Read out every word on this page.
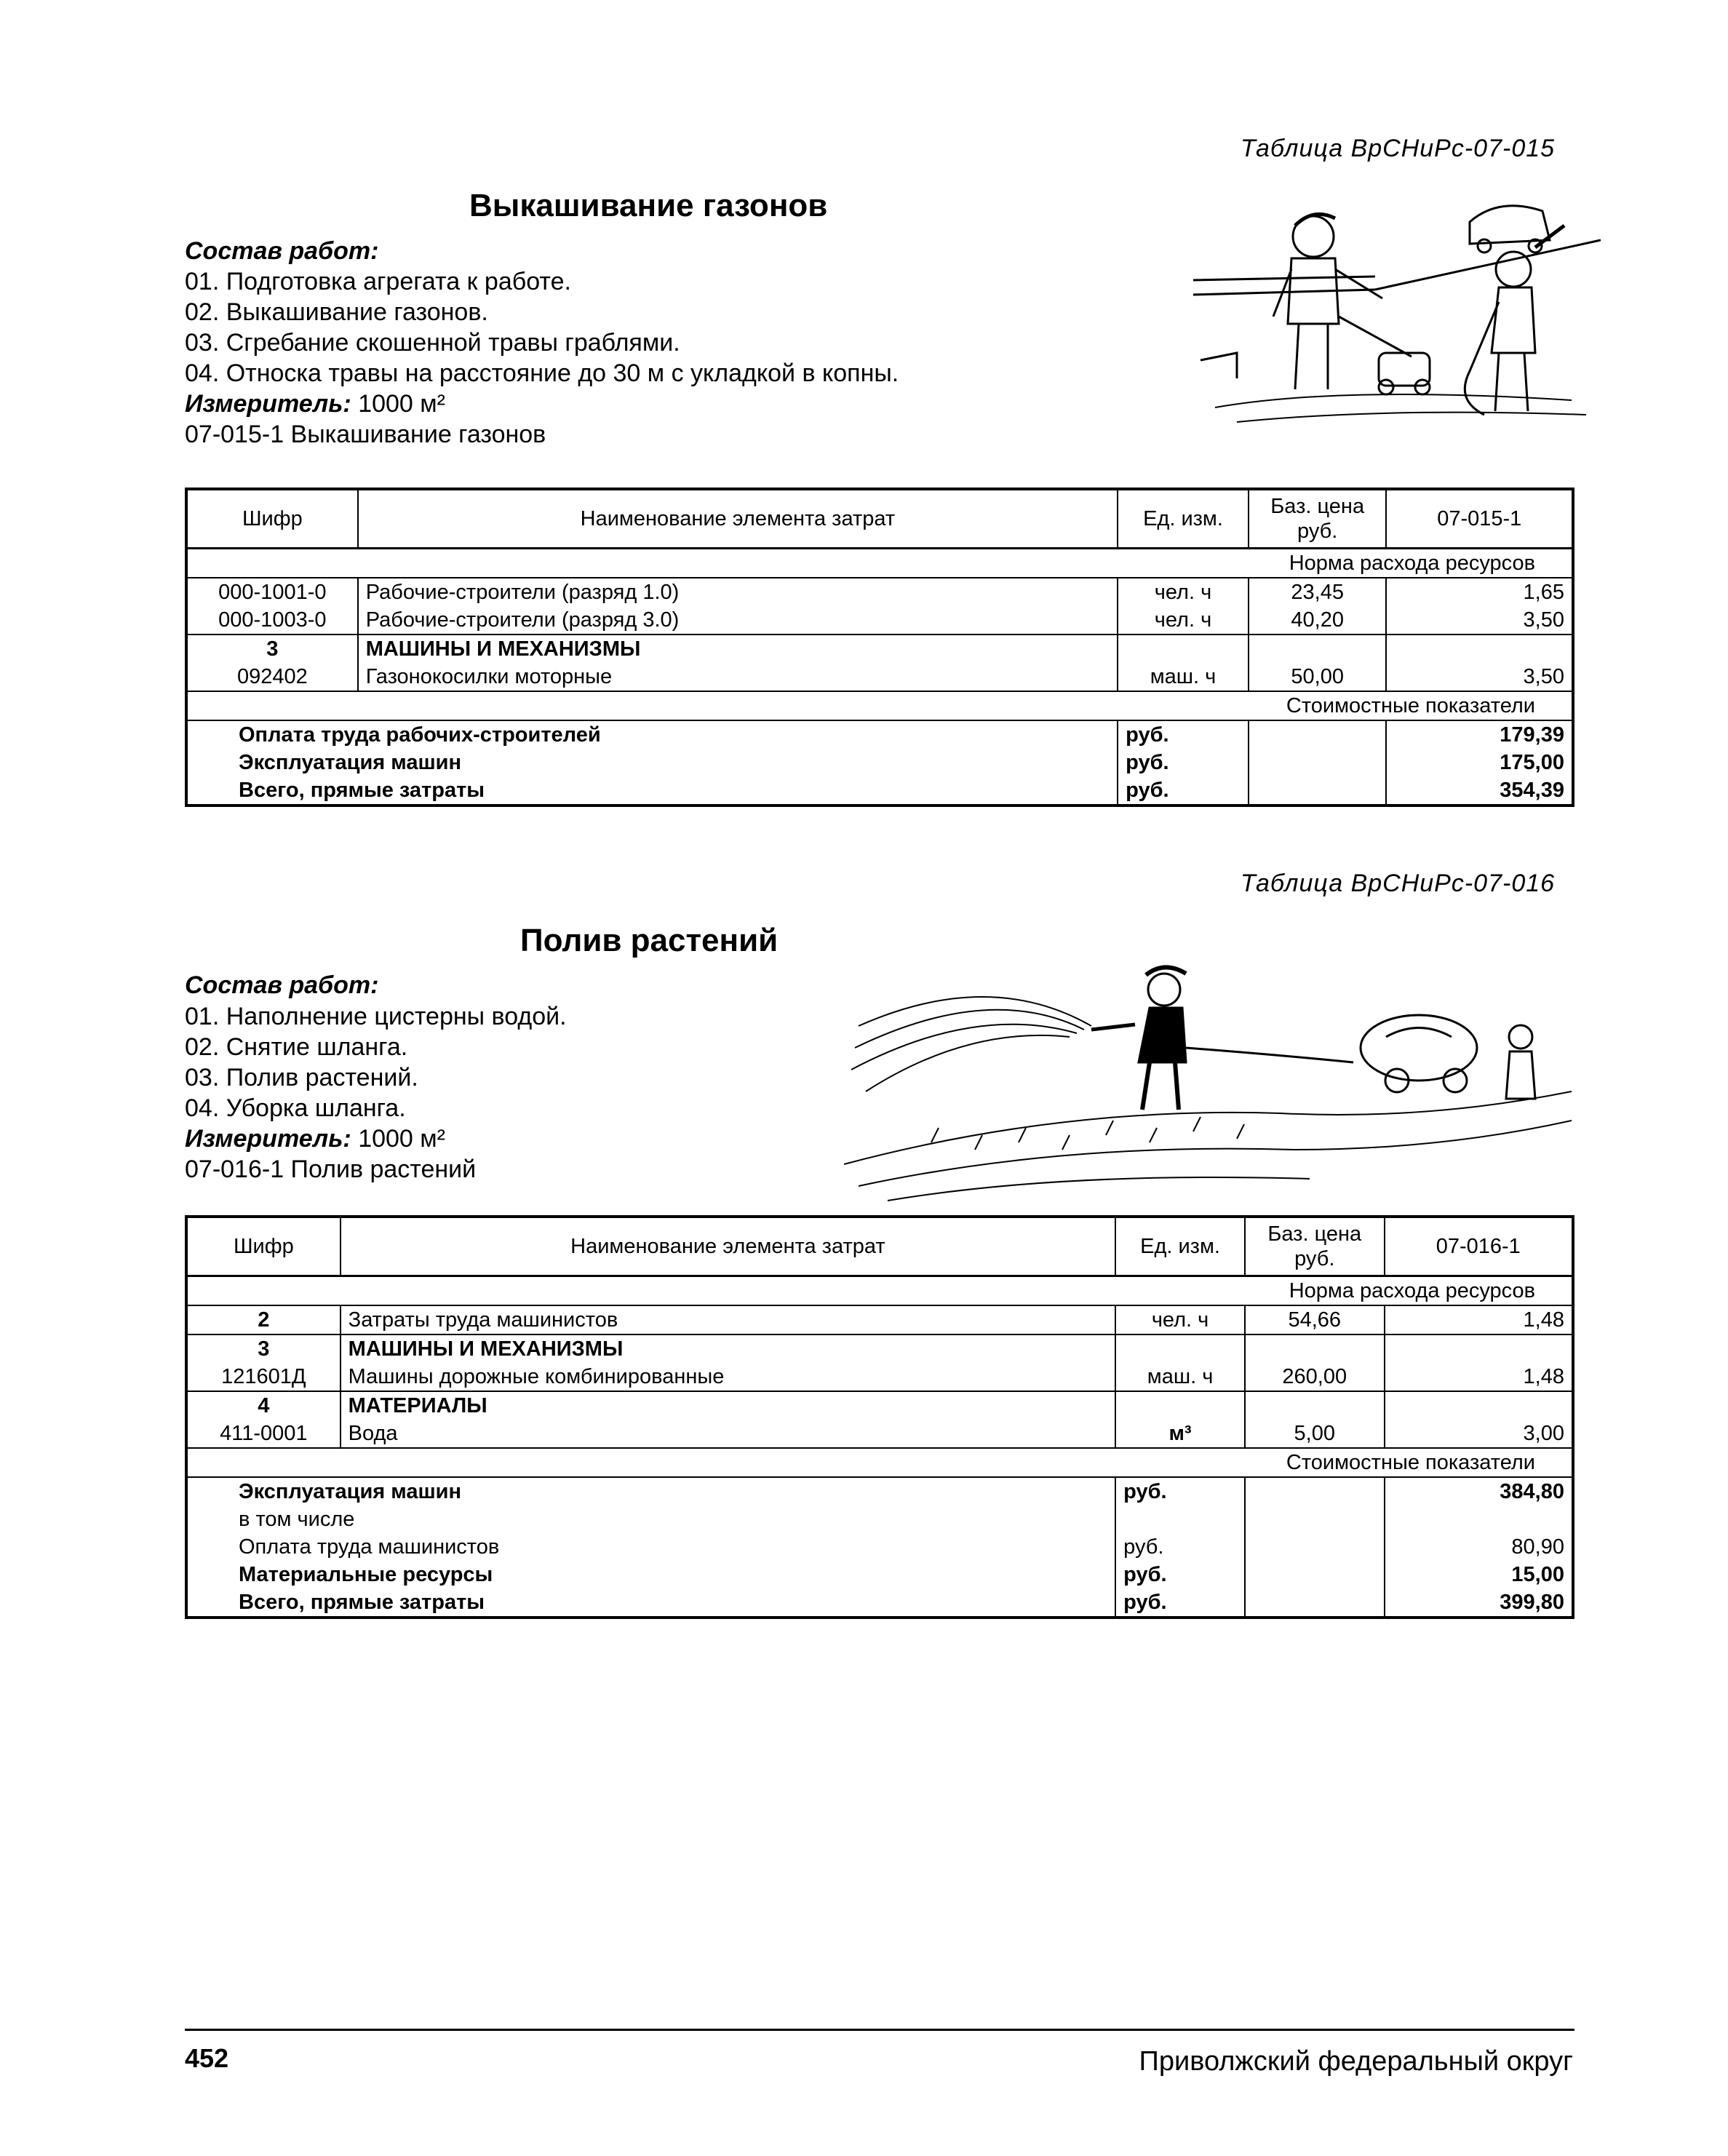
Таблица ВрСНиРс-07-015
Выкашивание газонов
Состав работ:
01. Подготовка агрегата к работе.
02. Выкашивание газонов.
03. Сгребание скошенной травы граблями.
04. Относка травы на расстояние до 30 м с укладкой в копны.
Измеритель: 1000 м²
07-015-1 Выкашивание газонов
Шифр	Наименование элемента затрат	Ед. изм.	Баз. цена руб.	07-015-1
Норма расхода ресурсов				
000-1001-0	Рабочие-строители (разряд 1.0)	чел. ч	23,45	1,65
000-1003-0	Рабочие-строители (разряд 3.0)	чел. ч	40,20	3,50
3	МАШИНЫ И МЕХАНИЗМЫ			
092402	Газонокосилки моторные	маш. ч	50,00	3,50
Стоимостные показатели				
Оплата труда рабочих-строителей		руб.		179,39
Эксплуатация машин		руб.		175,00
Всего, прямые затраты		руб.		354,39
Таблица ВрСНиРс-07-016
Полив растений
Состав работ:
01. Наполнение цистерны водой.
02. Снятие шланга.
03. Полив растений.
04. Уборка шланга.
Измеритель: 1000 м²
07-016-1 Полив растений
Шифр	Наименование элемента затрат	Ед. изм.	Баз. цена руб.	07-016-1
Норма расхода ресурсов				
2	Затраты труда машинистов	чел. ч	54,66	1,48
3	МАШИНЫ И МЕХАНИЗМЫ			
121601Д	Машины дорожные комбинированные	маш. ч	260,00	1,48
4	МАТЕРИАЛЫ			
411-0001	Вода	м³	5,00	3,00
Стоимостные показатели				
Эксплуатация машин		руб.		384,80
в том числе				
Оплата труда машинистов		руб.		80,90
Материальные ресурсы		руб.		15,00
Всего, прямые затраты		руб.		399,80
452	Приволжский федеральный округ
